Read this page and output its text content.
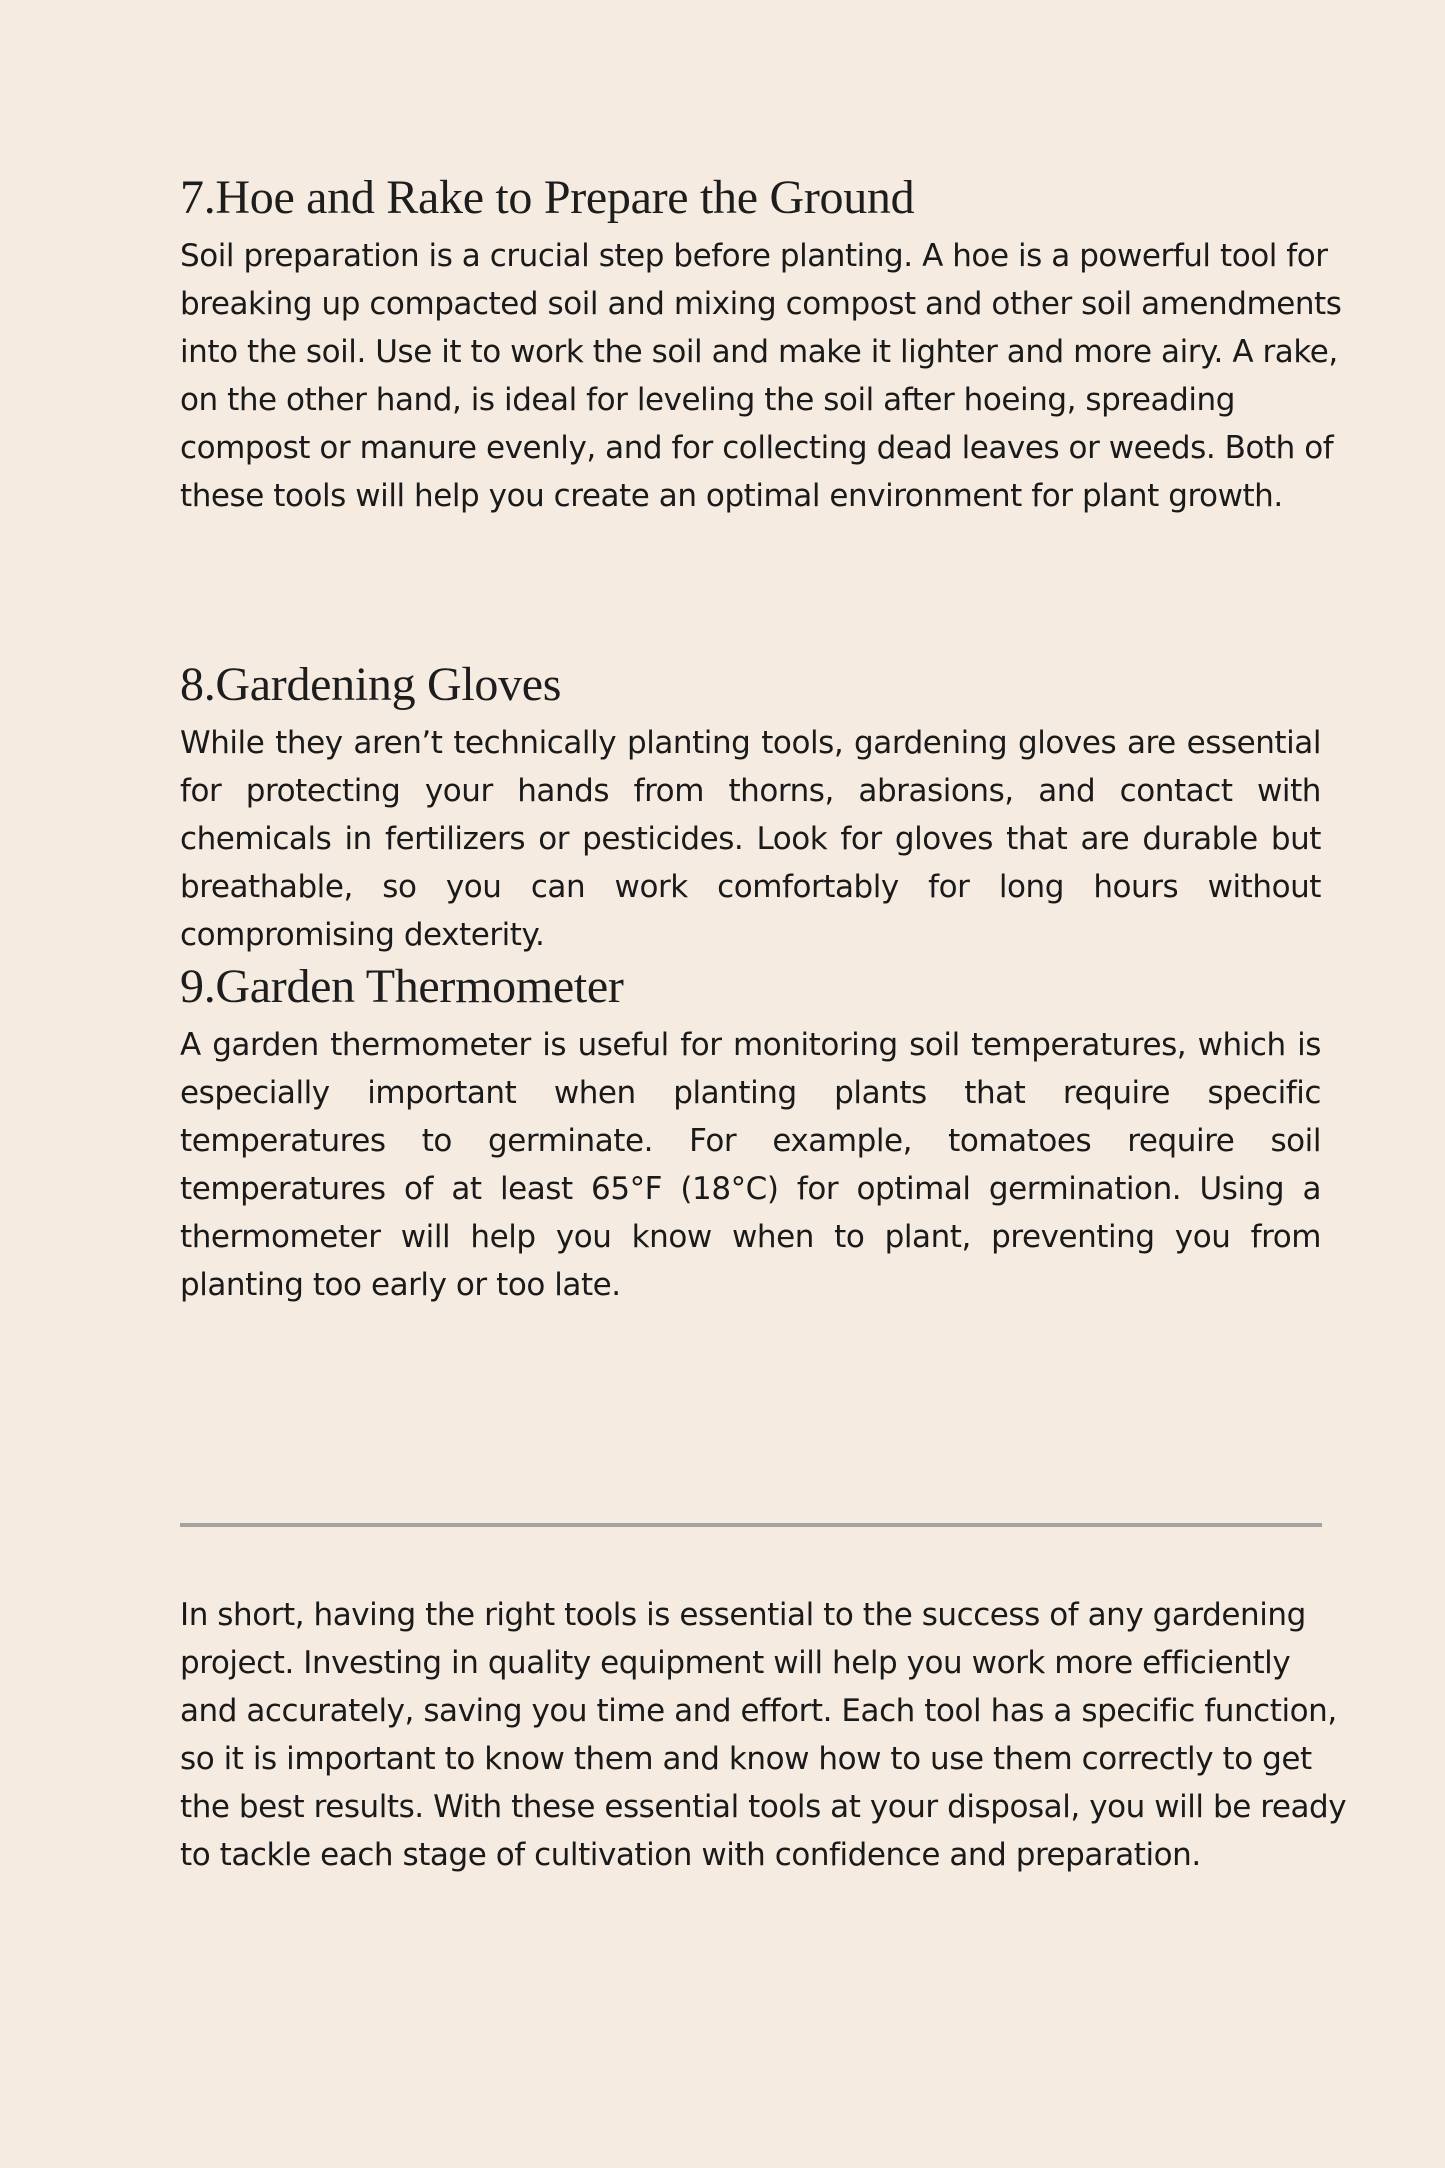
7.Hoe and Rake to Prepare the Ground

Soil preparation is a crucial step before planting. A hoe is a powerful tool for breaking up compacted soil and mixing compost and other soil amendments into the soil. Use it to work the soil and make it lighter and more airy. A rake, on the other hand, is ideal for leveling the soil after hoeing, spreading compost or manure evenly, and for collecting dead leaves or weeds. Both of these tools will help you create an optimal environment for plant growth.

8.Gardening Gloves

While they aren’t technically planting tools, gardening gloves are essential for protecting your hands from thorns, abrasions, and contact with chemicals in fertilizers or pesticides. Look for gloves that are durable but breathable, so you can work comfortably for long hours without compromising dexterity.

9.Garden Thermometer

A garden thermometer is useful for monitoring soil temperatures, which is especially important when planting plants that require specific temperatures to germinate. For example, tomatoes require soil temperatures of at least 65°F (18°C) for optimal germination. Using a thermometer will help you know when to plant, preventing you from planting too early or too late.

In short, having the right tools is essential to the success of any gardening project. Investing in quality equipment will help you work more efficiently and accurately, saving you time and effort. Each tool has a specific function, so it is important to know them and know how to use them correctly to get the best results. With these essential tools at your disposal, you will be ready to tackle each stage of cultivation with confidence and preparation.
